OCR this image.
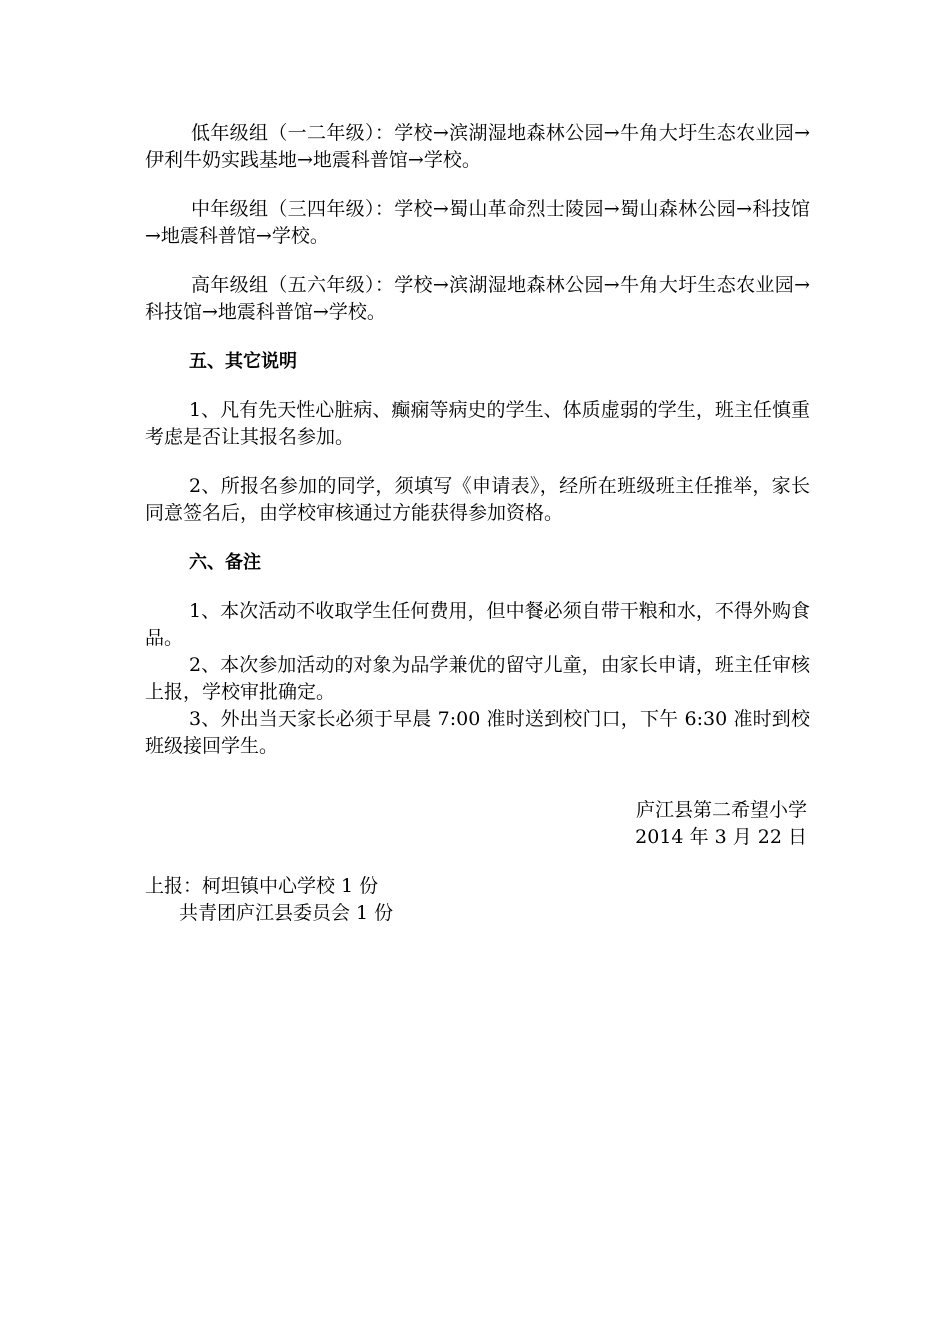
低年级组（一二年级）：学校→滨湖湿地森林公园→牛角大圩生态农业园→伊利牛奶实践基地→地震科普馆→学校。

中年级组（三四年级）：学校→蜀山革命烈士陵园→蜀山森林公园→科技馆→地震科普馆→学校。

高年级组（五六年级）：学校→滨湖湿地森林公园→牛角大圩生态农业园→科技馆→地震科普馆→学校。

五、其它说明

1、凡有先天性心脏病、癫痫等病史的学生、体质虚弱的学生，班主任慎重考虑是否让其报名参加。

2、所报名参加的同学，须填写《申请表》，经所在班级班主任推举，家长同意签名后，由学校审核通过方能获得参加资格。

六、备注

1、本次活动不收取学生任何费用，但中餐必须自带干粮和水，不得外购食品。

2、本次参加活动的对象为品学兼优的留守儿童，由家长申请，班主任审核上报，学校审批确定。

3、外出当天家长必须于早晨 7:00 准时送到校门口，下午 6:30 准时到校班级接回学生。

庐江县第二希望小学

2014 年 3 月 22 日

上报：柯坦镇中心学校 1 份

共青团庐江县委员会 1 份
